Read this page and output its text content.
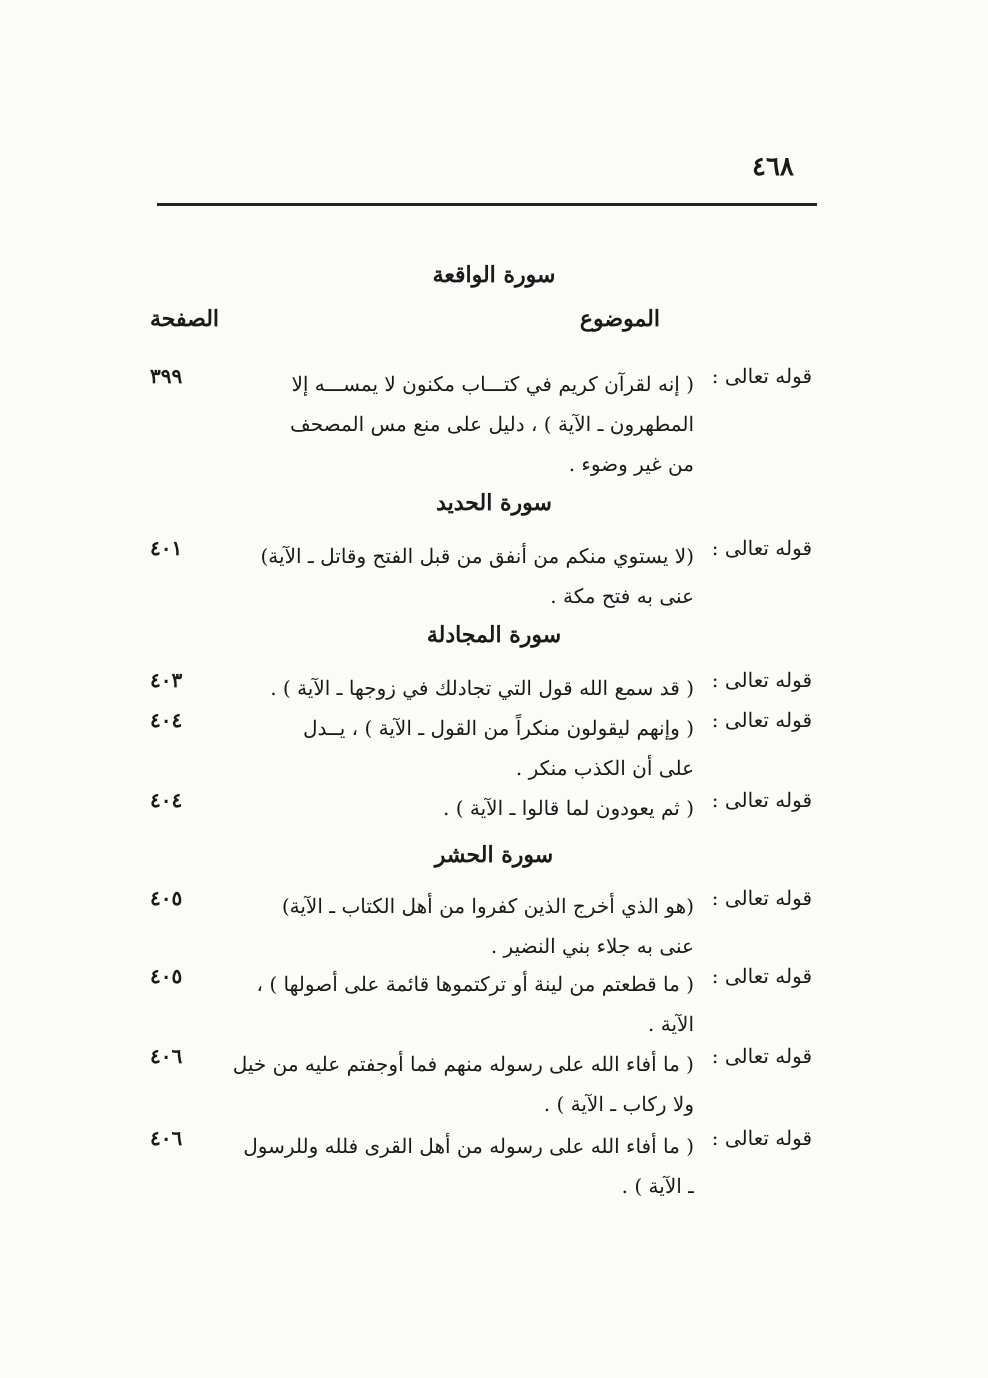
٤٦٨
سورة الواقعة
الموضوع
الصفحة
قوله تعالى :
( إنه لقرآن كريم في كتـــاب مكنون لا يمســـه إلا
المطهرون ـ الآية ) ، دليل على منع مس المصحف
من غير وضوء .
٣٩٩
سورة الحديد
قوله تعالى :
(لا يستوي منكم من أنفق من قبل الفتح وقاتل ـ الآية)
عنى به فتح مكة .
٤٠١
سورة المجادلة
قوله تعالى :
( قد سمع الله قول التي تجادلك في زوجها ـ الآية ) .
٤٠٣
قوله تعالى :
( وإنهم ليقولون منكراً من القول ـ الآية ) ، يــدل
على أن الكذب منكر .
٤٠٤
قوله تعالى :
( ثم يعودون لما قالوا ـ الآية ) .
٤٠٤
سورة الحشر
قوله تعالى :
(هو الذي أخرج الذين كفروا من أهل الكتاب ـ الآية)
عنى به جلاء بني النضير .
٤٠٥
قوله تعالى :
( ما قطعتم من لينة أو تركتموها قائمة على أصولها ) ،
الآية .
٤٠٥
قوله تعالى :
( ما أفاء الله على رسوله منهم فما أوجفتم عليه من خيل
ولا ركاب ـ الآية ) .
٤٠٦
قوله تعالى :
( ما أفاء الله على رسوله من أهل القرى فلله وللرسول
ـ الآية ) .
٤٠٦
